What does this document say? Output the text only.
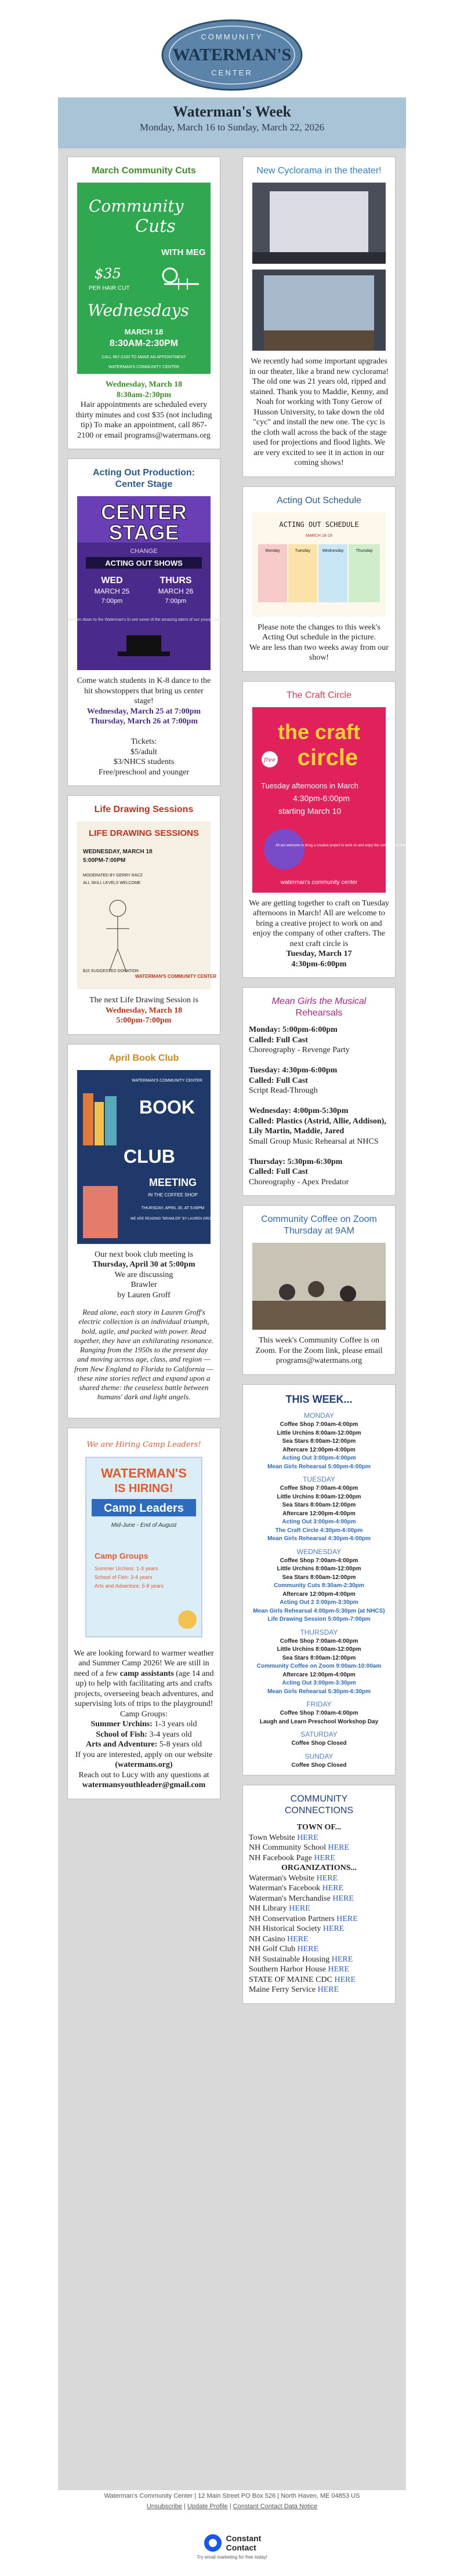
COMMUNITY
WATERMAN'S
CENTER
Waterman's Week
Monday, March 16 to Sunday, March 22, 2026
March Community Cuts
Community
Cuts
WITH MEG
$35
PER HAIR CUT
Wednesdays
MARCH 18
8:30AM-2:30PM
CALL 867-2100 TO MAKE AN APPOINTMENT
WATERMAN'S COMMUNITY CENTER
Wednesday, March 18
8:30am-2:30pm
Hair appointments are scheduled every thirty minutes and cost $35 (not including tip) To make an appointment, call 867-2100 or email programs@watermans.org
Acting Out Production:
Center Stage
CENTER
STAGE
CHANGE
ACTING OUT SHOWS
WED
MARCH 25
7:00pm
THURS
MARCH 26
7:00pm
Come on down to the Waterman's to see some of the amazing talent of our young stars!
Come watch students in K-8 dance to the hit showstoppers that bring us center stage!
Wednesday, March 25 at 7:00pm
Thursday, March 26 at 7:00pm

Tickets:
$5/adult
$3/NHCS students
Free/preschool and younger
Life Drawing Sessions
LIFE DRAWING SESSIONS
WEDNESDAY, MARCH 18
5:00PM-7:00PM
MODERATED BY GERRY RACZ
ALL SKILL LEVELS WELCOME
$10 SUGGESTED DONATION
WATERMAN'S COMMUNITY CENTER
The next Life Drawing Session is
Wednesday, March 18
5:00pm-7:00pm
April Book Club
WATERMAN'S COMMUNITY CENTER
BOOK
CLUB
MEETING
IN THE COFFEE SHOP
THURSDAY, APRIL 30, AT 5:00PM
WE ARE READING "BRAWLER" BY LAUREN GROFF
Our next book club meeting is
Thursday, April 30 at 5:00pm
We are discussing
Brawler
by Lauren Groff

Read alone, each story in Lauren Groff's electric collection is an individual triumph, bold, agile, and packed with power. Read together, they have an exhilarating resonance. Ranging from the 1950s to the present day and moving across age, class, and region — from New England to Florida to California — these nine stories reflect and expand upon a shared theme: the ceaseless battle between humans' dark and light angels.

We are Hiring Camp Leaders!
WATERMAN'S
IS HIRING!
Camp Leaders
Mid-June - End of August
Camp Groups
Summer Urchins: 1-3 years
School of Fish: 3-4 years
Arts and Adventure: 5-8 years
We are looking forward to warmer weather and Summer Camp 2026! We are still in need of a few camp assistants (age 14 and up) to help with facilitating arts and crafts projects, overseeing beach adventures, and supervising lots of trips to the playground!
Camp Groups:
Summer Urchins: 1-3 years old
School of Fish: 3-4 years old
Arts and Adventure: 5-8 years old
If you are interested, apply on our website (watermans.org)
Reach out to Lucy with any questions at
watermansyouthleader@gmail.com
New Cyclorama in the theater!
We recently had some important upgrades in our theater, like a brand new cyclorama! The old one was 21 years old, ripped and stained. Thank you to Maddie, Kenny, and Noah for working with Tony Gerow of Husson University, to take down the old "cyc" and install the new one. The cyc is the cloth wall across the back of the stage used for projections and flood lights. We are very excited to see it in action in our coming shows!
Acting Out Schedule
ACTING OUT SCHEDULE
MARCH 16-19
Monday	Tuesday	Wednesday	Thursday
Please note the changes to this week's Acting Out schedule in the picture.
We are less than two weeks away from our show!
The Craft Circle
the craft
circle
free
Tuesday afternoons in March
4:30pm-6:00pm
starting March 10
All are welcome to bring a creative project to work on and enjoy the company of other crafters.
waterman's community center
We are getting together to craft on Tuesday afternoons in March! All are welcome to bring a creative project to work on and enjoy the company of other crafters. The next craft circle is
Tuesday, March 17
4:30pm-6:00pm
Mean Girls the Musical
Rehearsals
Monday: 5:00pm-6:00pm
Called: Full Cast
Choreography - Revenge Party

Tuesday: 4:30pm-6:00pm
Called: Full Cast
Script Read-Through

Wednesday: 4:00pm-5:30pm
Called: Plastics (Astrid, Allie, Addison), Lily Martin, Maddie, Jared
Small Group Music Rehearsal at NHCS

Thursday: 5:30pm-6:30pm
Called: Full Cast
Choreography - Apex Predator
Community Coffee on Zoom
Thursday at 9AM
This week's Community Coffee is on Zoom. For the Zoom link, please email programs@watermans.org
THIS WEEK...
MONDAY
Coffee Shop 7:00am-4:00pm
Little Urchins 8:00am-12:00pm
Sea Stars 8:00am-12:00pm
Aftercare 12:00pm-4:00pm
Acting Out 3:00pm-4:00pm
Mean Girls Rehearsal 5:00pm-6:00pm
TUESDAY
Coffee Shop 7:00am-4:00pm
Little Urchins 8:00am-12:00pm
Sea Stars 8:00am-12:00pm
Aftercare 12:00pm-4:00pm
Acting Out 3:00pm-4:00pm
The Craft Circle 4:30pm-6:00pm
Mean Girls Rehearsal 4:30pm-6:00pm
WEDNESDAY
Coffee Shop 7:00am-4:00pm
Little Urchins 8:00am-12:00pm
Sea Stars 8:00am-12:00pm
Community Cuts 8:30am-2:30pm
Aftercare 12:00pm-4:00pm
Acting Out 2 3:00pm-3:30pm
Mean Girls Rehearsal 4:00pm-5:30pm (at NHCS)
Life Drawing Session 5:00pm-7:00pm
THURSDAY
Coffee Shop 7:00am-4:00pm
Little Urchins 8:00am-12:00pm
Sea Stars 8:00am-12:00pm
Community Coffee on Zoom 9:00am-10:00am
Aftercare 12:00pm-4:00pm
Acting Out 3:00pm-3:30pm
Mean Girls Rehearsal 5:30pm-6:30pm
FRIDAY
Coffee Shop 7:00am-4:00pm
Laugh and Learn Preschool Workshop Day
SATURDAY
Coffee Shop Closed
SUNDAY
Coffee Shop Closed
COMMUNITY
CONNECTIONS
TOWN OF...
Town Website HERE
NH Community School HERE
NH Facebook Page HERE
ORGANIZATIONS...
Waterman's Website HERE
Waterman's Facebook HERE
Waterman's Merchandise HERE
NH Library HERE
NH Conservation Partners HERE
NH Historical Society HERE
NH Casino HERE
NH Golf Club HERE
NH Sustainable Housing HERE
Southern Harbor House HERE
STATE OF MAINE CDC HERE
Maine Ferry Service HERE
Waterman's Community Center | 12 Main Street PO Box 526 | North Haven, ME 04853 US
Unsubscribe | Update Profile | Constant Contact Data Notice
Constant
Contact
Try email marketing for free today!
